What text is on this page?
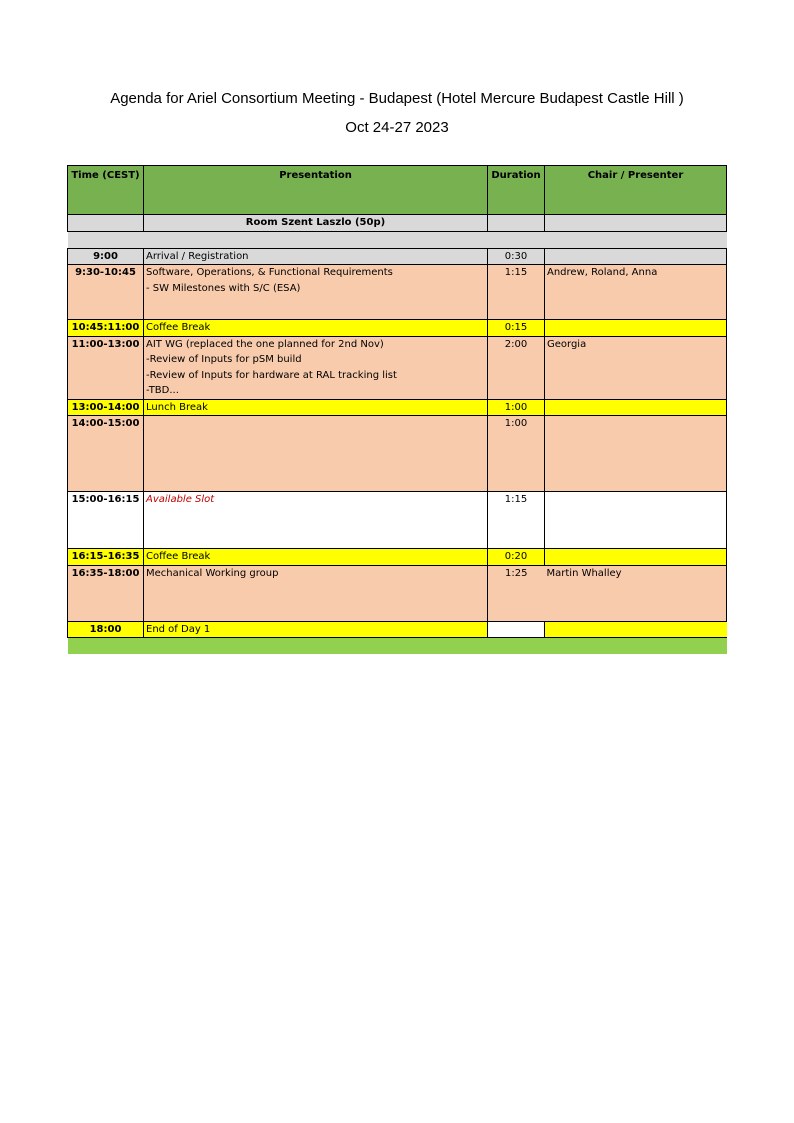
Agenda for Ariel Consortium Meeting - Budapest (Hotel Mercure Budapest Castle Hill )
Oct 24-27 2023
Time (CEST)	Presentation	Duration	Chair / Presenter
	Room Szent Laszlo (50p)		

9:00	Arrival / Registration	0:30	
9:30-10:45	Software, Operations, & Functional Requirements
- SW Milestones with S/C (ESA)	1:15	Andrew, Roland, Anna
10:45:11:00	Coffee Break	0:15	
11:00-13:00	AIT WG (replaced the one planned for 2nd Nov)
-Review of Inputs for pSM build
-Review of Inputs for hardware at RAL tracking list
-TBD...	2:00	Georgia
13:00-14:00	Lunch Break	1:00	
14:00-15:00		1:00	
15:00-16:15	Available Slot	1:15	
16:15-16:35	Coffee Break	0:20	
16:35-18:00	Mechanical Working group	1:25	Martin Whalley
18:00	End of Day 1		
